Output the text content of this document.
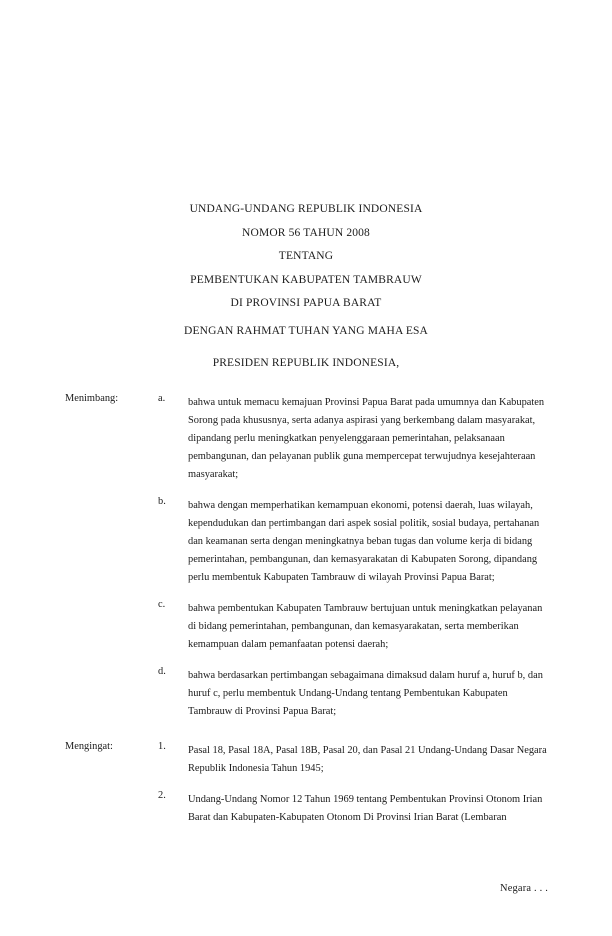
UNDANG-UNDANG REPUBLIK INDONESIA
NOMOR 56 TAHUN 2008
TENTANG
PEMBENTUKAN KABUPATEN TAMBRAUW
DI PROVINSI PAPUA BARAT
DENGAN RAHMAT TUHAN YANG MAHA ESA
PRESIDEN REPUBLIK INDONESIA,
Menimbang:	a.	bahwa untuk memacu kemajuan Provinsi Papua Barat pada umumnya dan Kabupaten Sorong pada khususnya, serta adanya aspirasi yang berkembang dalam masyarakat, dipandang perlu meningkatkan penyelenggaraan pemerintahan, pelaksanaan pembangunan, dan pelayanan publik guna mempercepat terwujudnya kesejahteraan masyarakat;
b.	bahwa dengan memperhatikan kemampuan ekonomi, potensi daerah, luas wilayah, kependudukan dan pertimbangan dari aspek sosial politik, sosial budaya, pertahanan dan keamanan serta dengan meningkatnya beban tugas dan volume kerja di bidang pemerintahan, pembangunan, dan kemasyarakatan di Kabupaten Sorong, dipandang perlu membentuk Kabupaten Tambrauw di wilayah Provinsi Papua Barat;
c.	bahwa pembentukan Kabupaten Tambrauw bertujuan untuk meningkatkan pelayanan di bidang pemerintahan, pembangunan, dan kemasyarakatan, serta memberikan kemampuan dalam pemanfaatan potensi daerah;
d.	bahwa berdasarkan pertimbangan sebagaimana dimaksud dalam huruf a, huruf b, dan huruf c, perlu membentuk Undang-Undang tentang Pembentukan Kabupaten Tambrauw di Provinsi Papua Barat;
Mengingat:	1.	Pasal 18, Pasal 18A, Pasal 18B, Pasal 20, dan Pasal 21 Undang-Undang Dasar Negara Republik Indonesia Tahun 1945;
2.	Undang-Undang Nomor 12 Tahun 1969 tentang Pembentukan Provinsi Otonom Irian Barat dan Kabupaten-Kabupaten Otonom Di Provinsi Irian Barat (Lembaran
Negara . . .
